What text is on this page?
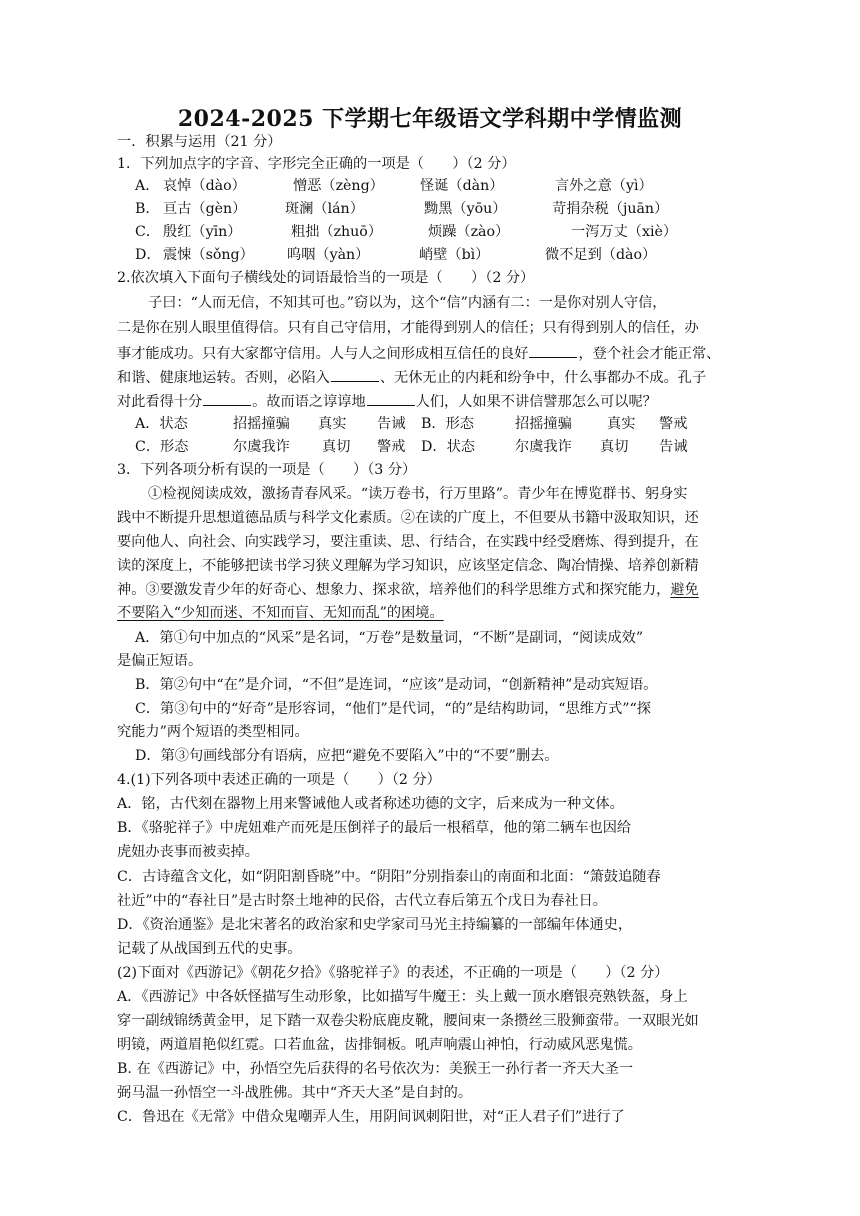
2024-2025 下学期七年级语文学科期中学情监测
一．积累与运用（21 分）
1．下列加点字的字音、字形完全正确的一项是（　　）（2 分）
A． 哀悼（dào）	憎恶（zèng）	怪诞（dàn）	言外之意（yì）
B． 亘古（gèn）	斑澜（lán）	黝黑（yōu）	苛捐杂税（juān）
C． 殷红（yīn）	粗拙（zhuō）	烦躁（zào）	一泻万丈（xiè）
D． 震悚（sǒng） 呜咽（yàn）	峭壁（bì）	微不足到（dào）
2.依次填入下面句子横线处的词语最恰当的一项是（　　）（2 分）
子曰：“人而无信，不知其可也。”窃以为，这个“信”内涵有二：一是你对别人守信，
二是你在别人眼里值得信。只有自己守信用，才能得到别人的信任；只有得到别人的信任，办
事才能成功。只有大家都守信用。人与人之间形成相互信任的良好	，登个社会才能正常、
和谐、健康地运转。否则，必陷入	、无休无止的内耗和纷争中，什么事都办不成。孔子
对此看得十分	。故而语之谆谆地	人们，人如果不讲信譬那怎么可以呢？
A．状态	招摇撞骗 真实 告诫 B．形态	招摇撞骗 真实 警戒
C．形态	尔虞我诈 真切 警戒 D．状态	尔虞我诈 真切 告诫
3．下列各项分析有误的一项是（　　）（3 分）
①检视阅读成效，激扬青春风采。“读万卷书，行万里路”。青少年在博览群书、躬身实
践中不断提升思想道德品质与科学文化素质。②在读的广度上，不但要从书籍中汲取知识，还
要向他人、向社会、向实践学习，要注重读、思、行结合，在实践中经受磨炼、得到提升，在
读的深度上，不能够把读书学习狭义理解为学习知识，应该坚定信念、陶冶情操、培养创新精
神。③要激发青少年的好奇心、想象力、探求欲，培养他们的科学思维方式和探究能力，避免
不要陷入“少知而迷、不知而盲、无知而乱”的困境。
A．第①句中加点的“风采”是名词，“万卷”是数量词，“不断”是副词，“阅读成效”
是偏正短语。
B．第②句中“在”是介词，“不但”是连词，“应该”是动词，“创新精神”是动宾短语。
C．第③句中的“好奇”是形容词，“他们”是代词，“的”是结构助词，“思维方式”“探
究能力”两个短语的类型相同。
D．第③句画线部分有语病，应把“避免不要陷入”中的“不要”删去。
4.(1)下列各项中表述正确的一项是（　　）（2 分）
A．铭，古代刻在器物上用来警诫他人或者称述功德的文字，后来成为一种文体。
B．《骆驼祥子》中虎妞难产而死是压倒祥子的最后一根稻草，他的第二辆车也因给
虎妞办丧事而被卖掉。
C．古诗蕴含文化，如“阴阳割昏晓”中。“阴阳”分别指泰山的南面和北面：“箫鼓追随春
社近”中的“春社日”是古时祭土地神的民俗，古代立春后第五个戊日为春社日。
D．《资治通鉴》是北宋著名的政治家和史学家司马光主持编纂的一部编年体通史，
记载了从战国到五代的史事。
(2)下面对《西游记》《朝花夕拾》《骆驼祥子》的表述，不正确的一项是（　　）（2 分）
A．《西游记》中各妖怪描写生动形象，比如描写牛魔王：头上戴一顶水磨银亮熟铁盔，身上
穿一副绒锦绣黄金甲，足下踏一双卷尖粉底鹿皮靴，腰间束一条攒丝三股狮蛮带。一双眼光如
明镜，两道眉艳似红霓。口若血盆，齿排铜板。吼声响震山神怕，行动威风恶鬼慌。
B. 在《西游记》中，孙悟空先后获得的名号依次为：美猴王一孙行者一齐天大圣一
弼马温一孙悟空一斗战胜佛。其中“齐天大圣”是自封的。
C．鲁迅在《无常》中借众鬼嘲弄人生，用阴间讽刺阳世，对“正人君子们”进行了
